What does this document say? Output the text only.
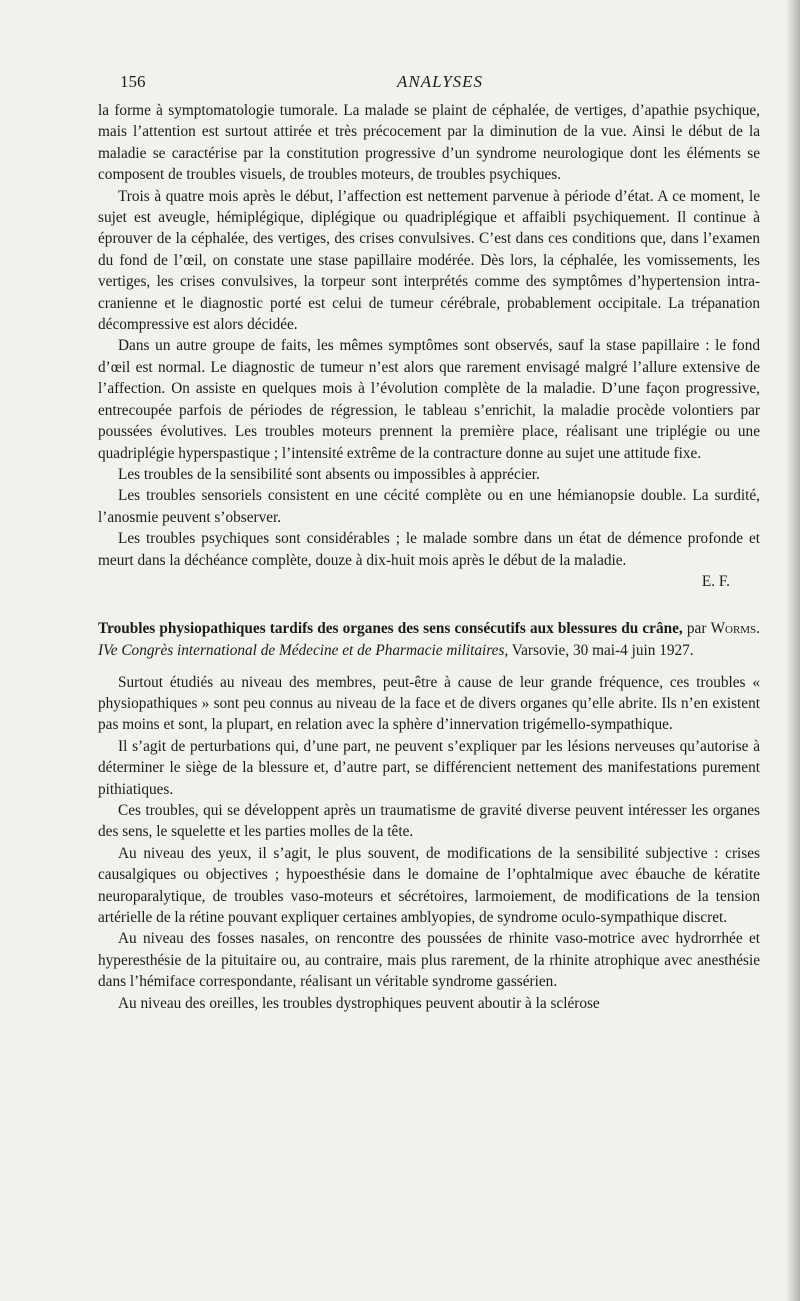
156	ANALYSES

la forme à symptomatologie tumorale. La malade se plaint de céphalée, de vertiges, d’apathie psychique, mais l’attention est surtout attirée et très précocement par la diminution de la vue. Ainsi le début de la maladie se caractérise par la constitution progressive d’un syndrome neurologique dont les éléments se composent de troubles visuels, de troubles moteurs, de troubles psychiques.

Trois à quatre mois après le début, l’affection est nettement parvenue à période d’état. A ce moment, le sujet est aveugle, hémiplégique, diplégique ou quadriplégique et affaibli psychiquement. Il continue à éprouver de la céphalée, des vertiges, des crises convulsives. C’est dans ces conditions que, dans l’examen du fond de l’œil, on constate une stase papillaire modérée. Dès lors, la céphalée, les vomissements, les vertiges, les crises convulsives, la torpeur sont interprétés comme des symptômes d’hypertension intra-cranienne et le diagnostic porté est celui de tumeur cérébrale, probablement occipitale. La trépanation décompressive est alors décidée.

Dans un autre groupe de faits, les mêmes symptômes sont observés, sauf la stase papillaire : le fond d’œil est normal. Le diagnostic de tumeur n’est alors que rarement envisagé malgré l’allure extensive de l’affection. On assiste en quelques mois à l’évolution complète de la maladie. D’une façon progressive, entrecoupée parfois de périodes de régression, le tableau s’enrichit, la maladie procède volontiers par poussées évolutives. Les troubles moteurs prennent la première place, réalisant une triplégie ou une quadriplégie hyperspastique ; l’intensité extrême de la contracture donne au sujet une attitude fixe.

Les troubles de la sensibilité sont absents ou impossibles à apprécier.

Les troubles sensoriels consistent en une cécité complète ou en une hémianopsie double. La surdité, l’anosmie peuvent s’observer.

Les troubles psychiques sont considérables ; le malade sombre dans un état de démence profonde et meurt dans la déchéance complète, douze à dix-huit mois après le début de la maladie.

E. F.

Troubles physiopathiques tardifs des organes des sens consécutifs aux blessures du crâne, par Worms. IVe Congrès international de Médecine et de Pharmacie militaires, Varsovie, 30 mai-4 juin 1927.

Surtout étudiés au niveau des membres, peut-être à cause de leur grande fréquence, ces troubles « physiopathiques » sont peu connus au niveau de la face et de divers organes qu’elle abrite. Ils n’en existent pas moins et sont, la plupart, en relation avec la sphère d’innervation trigémello-sympathique.

Il s’agit de perturbations qui, d’une part, ne peuvent s’expliquer par les lésions nerveuses qu’autorise à déterminer le siège de la blessure et, d’autre part, se différencient nettement des manifestations purement pithiatiques.

Ces troubles, qui se développent après un traumatisme de gravité diverse peuvent intéresser les organes des sens, le squelette et les parties molles de la tête.

Au niveau des yeux, il s’agit, le plus souvent, de modifications de la sensibilité subjective : crises causalgiques ou objectives ; hypoesthésie dans le domaine de l’ophtalmique avec ébauche de kératite neuroparalytique, de troubles vaso-moteurs et sécrétoires, larmoiement, de modifications de la tension artérielle de la rétine pouvant expliquer certaines amblyopies, de syndrome oculo-sympathique discret.

Au niveau des fosses nasales, on rencontre des poussées de rhinite vaso-motrice avec hydrorrhée et hyperesthésie de la pituitaire ou, au contraire, mais plus rarement, de la rhinite atrophique avec anesthésie dans l’hémiface correspondante, réalisant un véritable syndrome gassérien.

Au niveau des oreilles, les troubles dystrophiques peuvent aboutir à la sclérose
